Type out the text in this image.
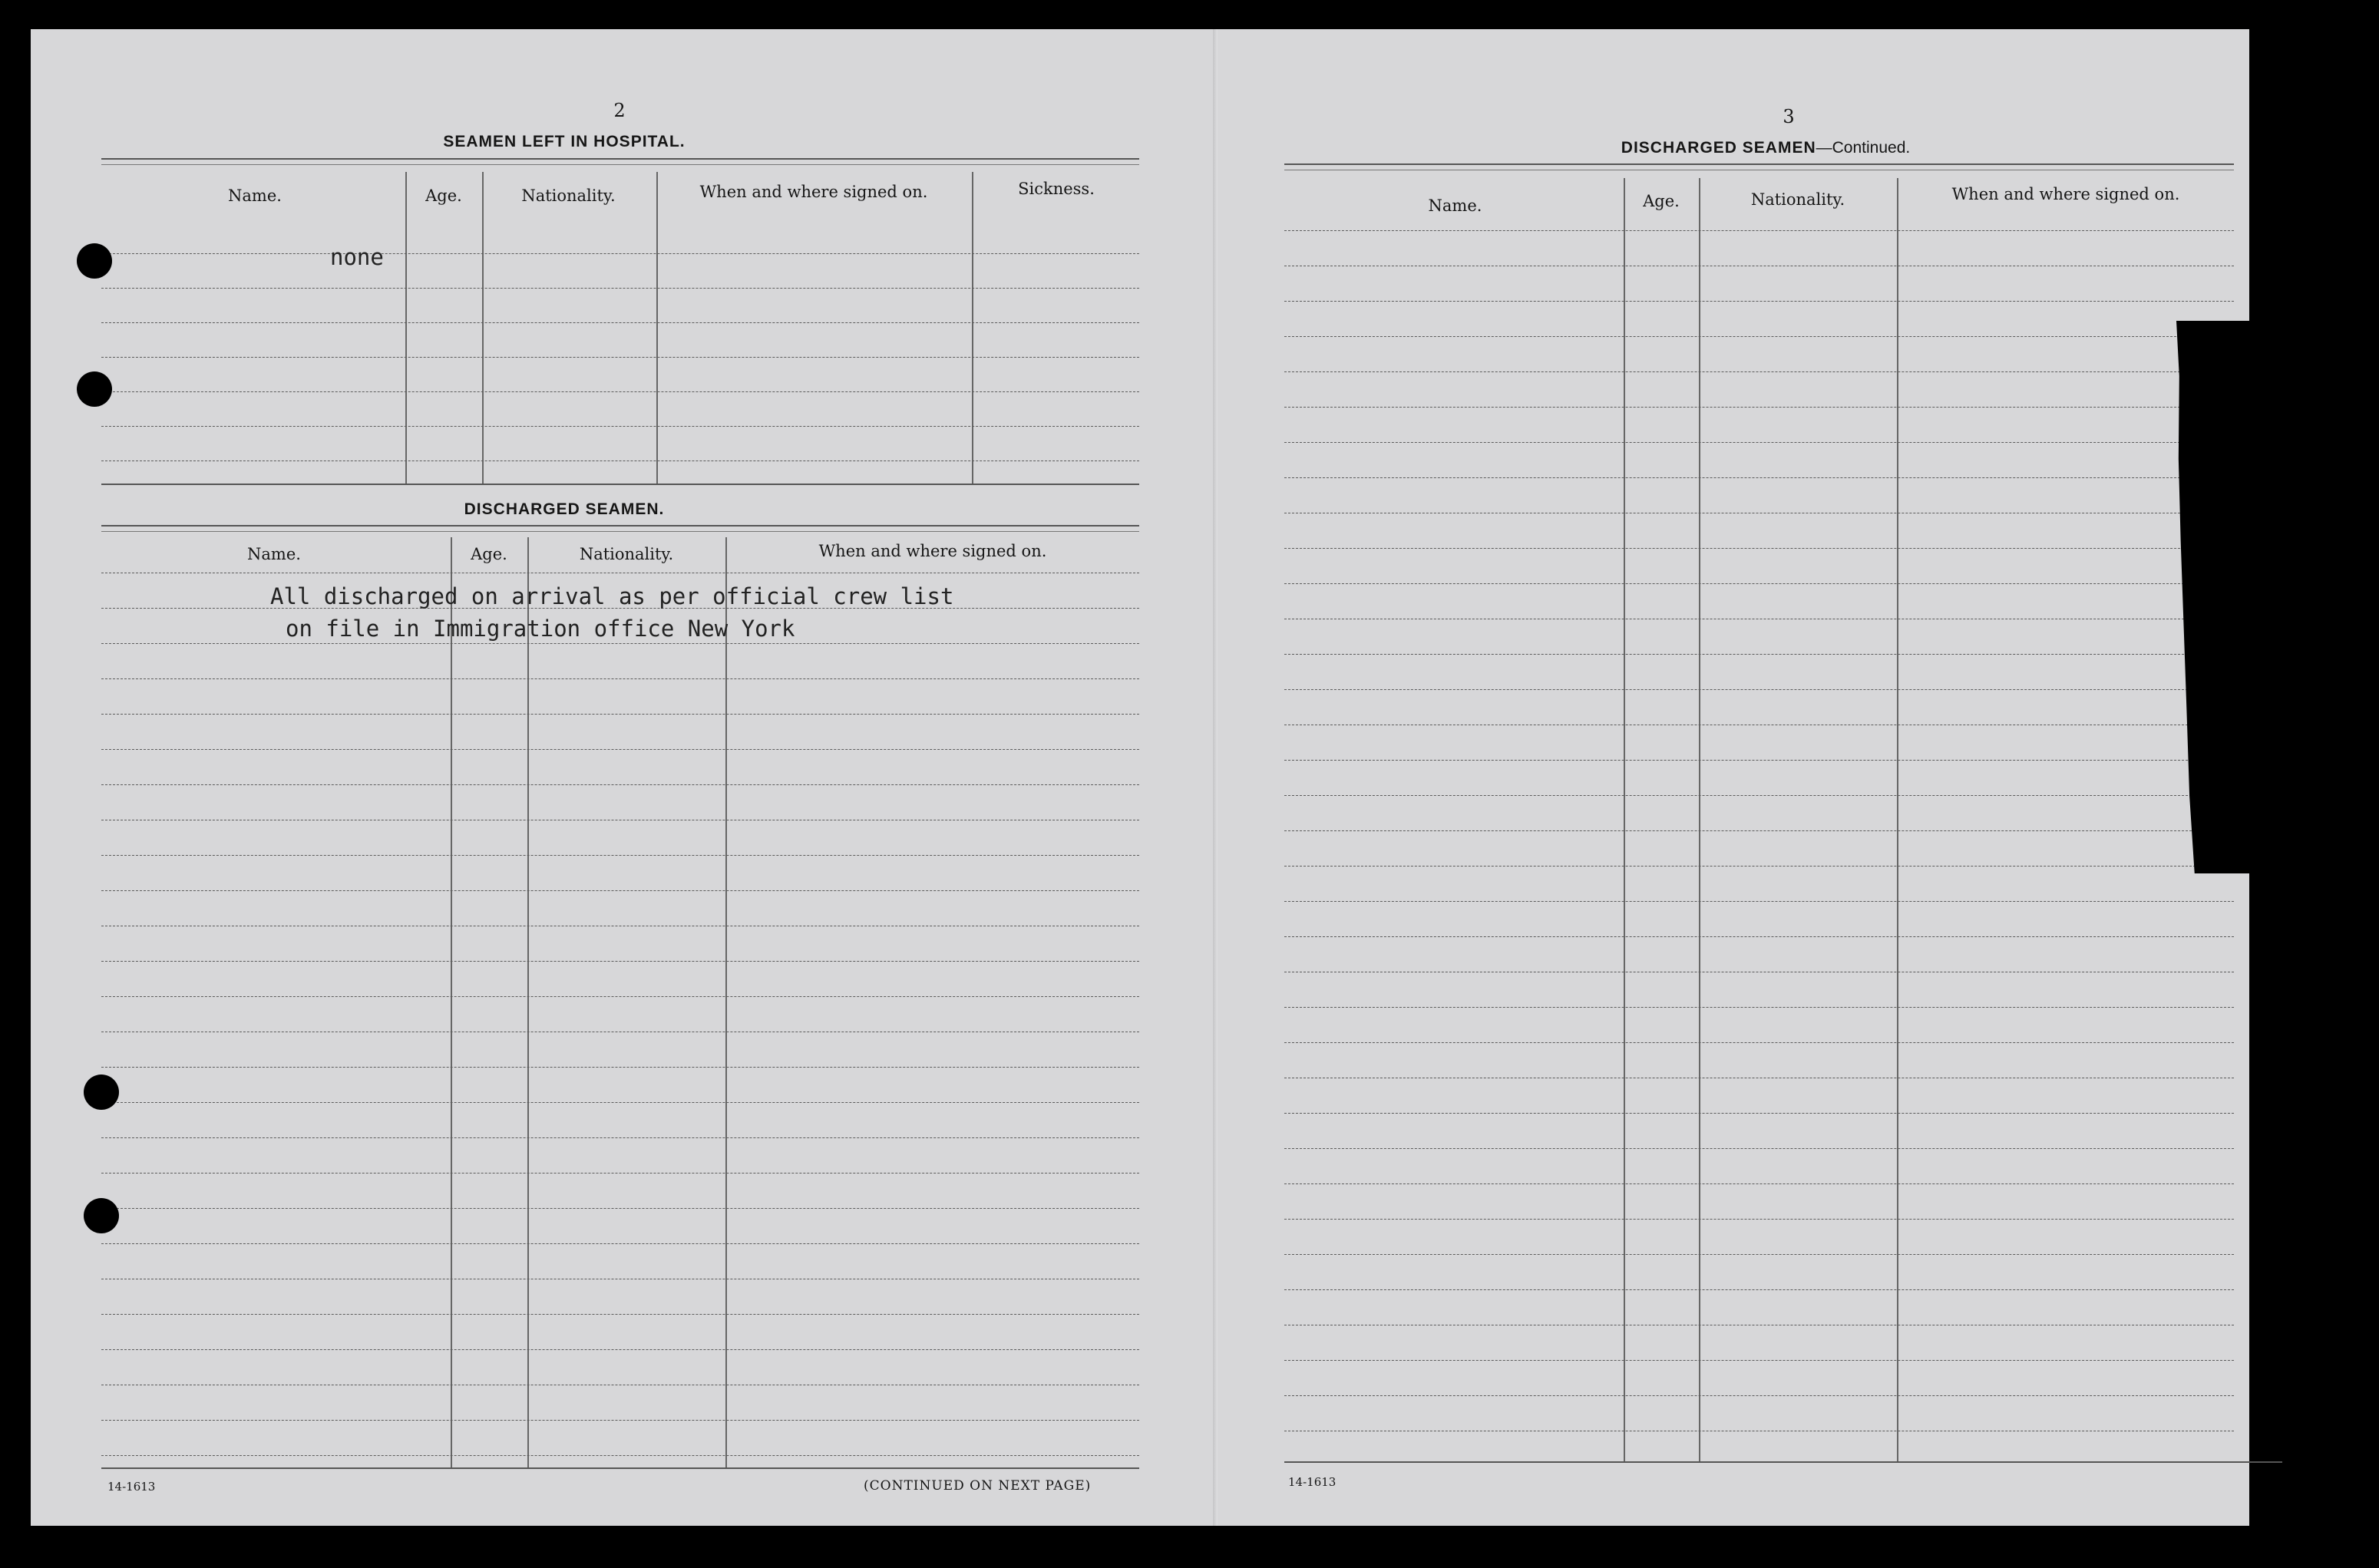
2
SEAMEN LEFT IN HOSPITAL.
Name.	Age.	Nationality.	When and where signed on.	Sickness.
none
DISCHARGED SEAMEN.
Name.	Age.	Nationality.	When and where signed on.
All discharged on arrival as per official crew list
on file in Immigration office New York
14-1613	(CONTINUED ON NEXT PAGE)
3
DISCHARGED SEAMEN—Continued.
Name.	Age.	Nationality.	When and where signed on.
14-1613
